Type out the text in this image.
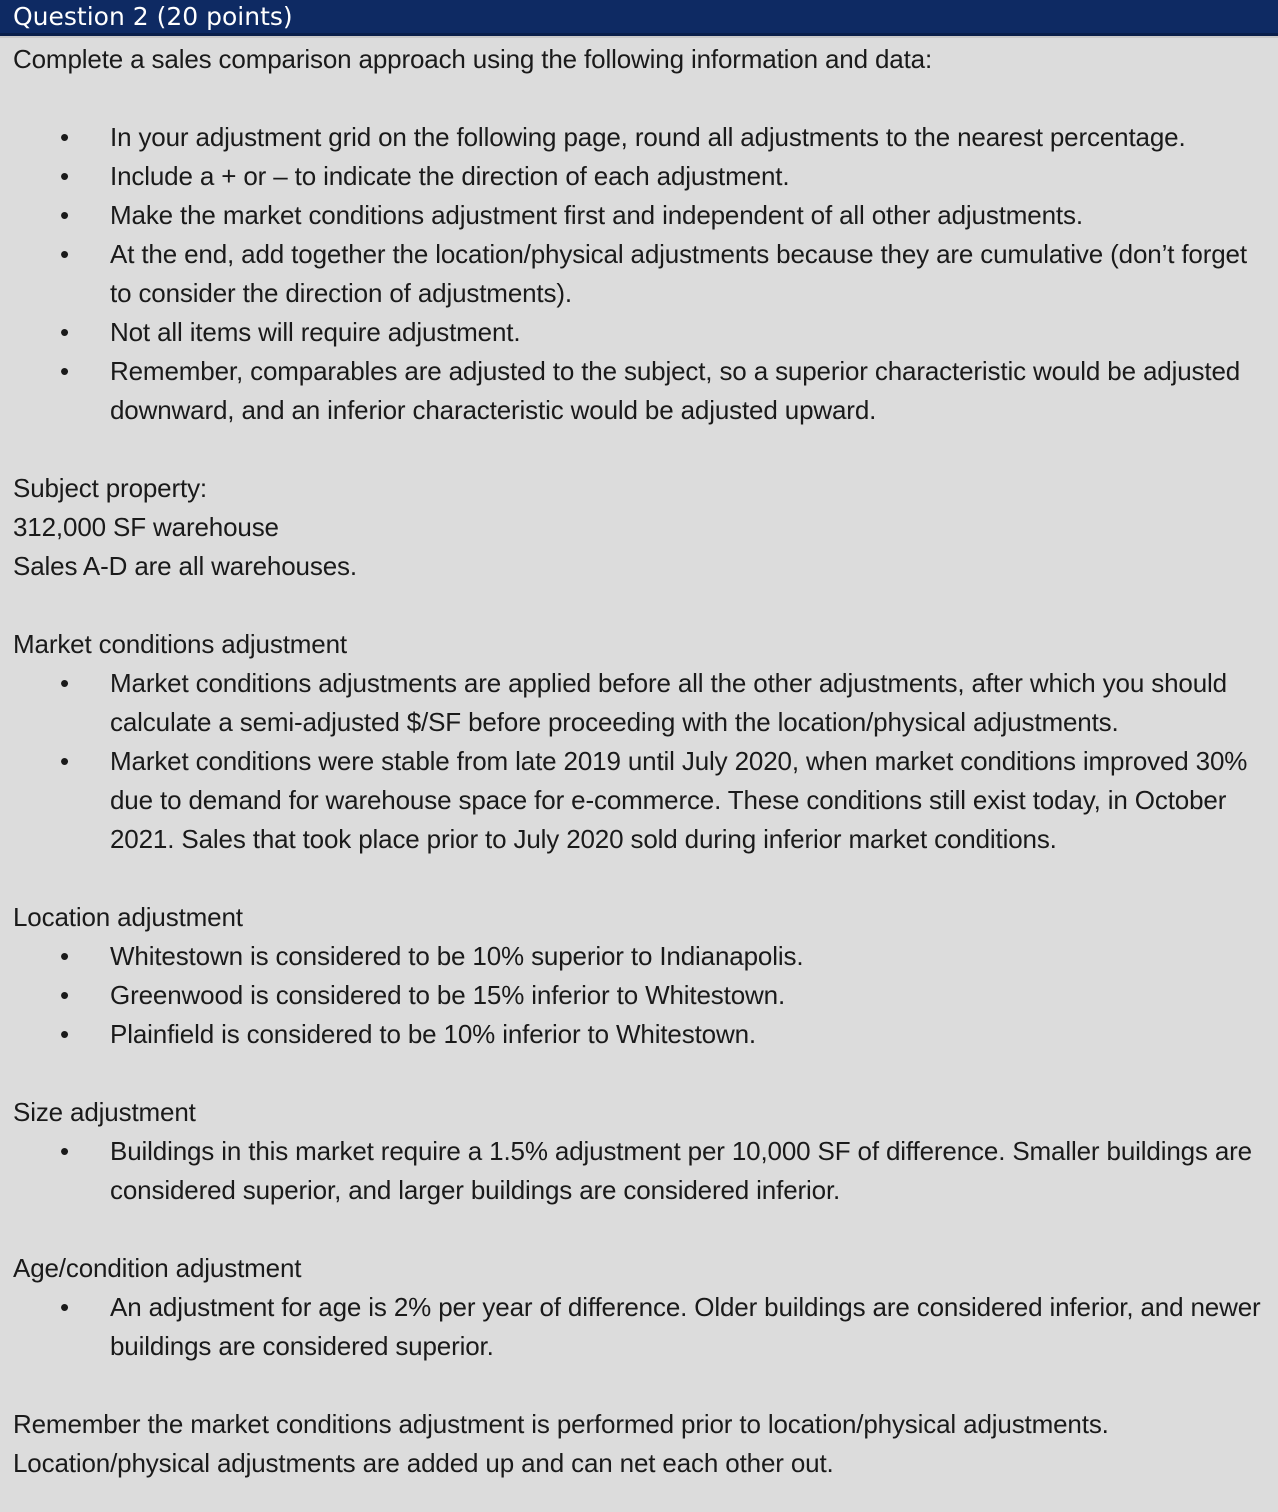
Question 2 (20 points)

Complete a sales comparison approach using the following information and data:

•	In your adjustment grid on the following page, round all adjustments to the nearest percentage.
•	Include a + or – to indicate the direction of each adjustment.
•	Make the market conditions adjustment first and independent of all other adjustments.
•	At the end, add together the location/physical adjustments because they are cumulative (don’t forget to consider the direction of adjustments).
•	Not all items will require adjustment.
•	Remember, comparables are adjusted to the subject, so a superior characteristic would be adjusted downward, and an inferior characteristic would be adjusted upward.

Subject property:

312,000 SF warehouse

Sales A-D are all warehouses.

Market conditions adjustment

•	Market conditions adjustments are applied before all the other adjustments, after which you should calculate a semi-adjusted $/SF before proceeding with the location/physical adjustments.
•	Market conditions were stable from late 2019 until July 2020, when market conditions improved 30% due to demand for warehouse space for e-commerce. These conditions still exist today, in October 2021. Sales that took place prior to July 2020 sold during inferior market conditions.

Location adjustment

•	Whitestown is considered to be 10% superior to Indianapolis.
•	Greenwood is considered to be 15% inferior to Whitestown.
•	Plainfield is considered to be 10% inferior to Whitestown.

Size adjustment

•	Buildings in this market require a 1.5% adjustment per 10,000 SF of difference. Smaller buildings are considered superior, and larger buildings are considered inferior.

Age/condition adjustment

•	An adjustment for age is 2% per year of difference. Older buildings are considered inferior, and newer buildings are considered superior.

Remember the market conditions adjustment is performed prior to location/physical adjustments.

Location/physical adjustments are added up and can net each other out.
